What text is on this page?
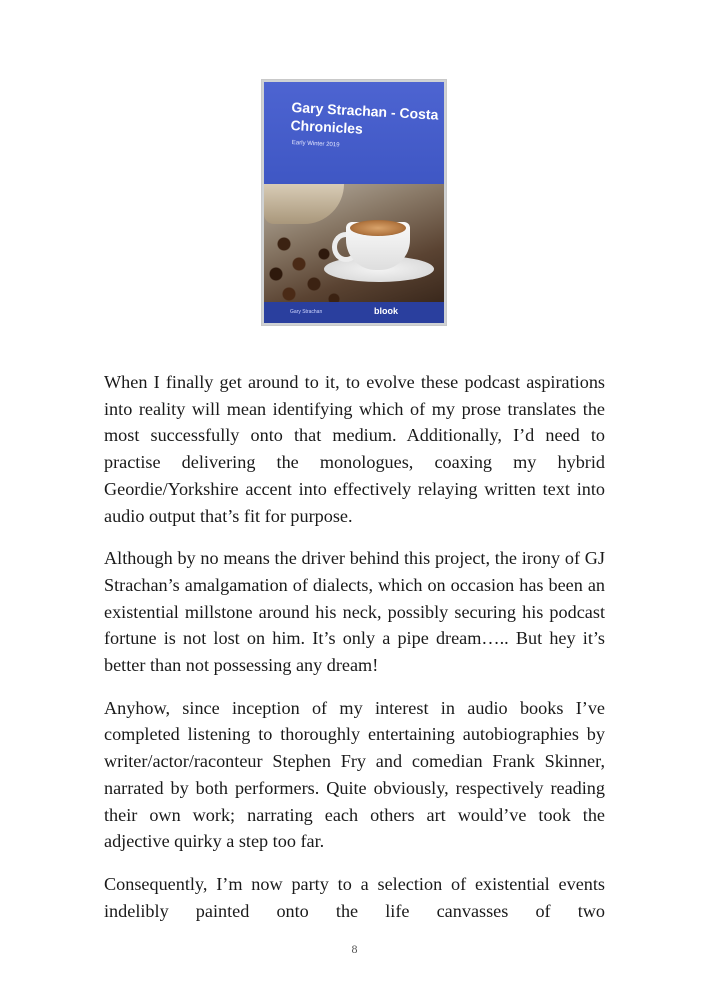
Gary Strachan - Costa Chronicles
Early Winter 2019
Gary Strachan	blook

When I finally get around to it, to evolve these podcast aspirations into reality will mean identifying which of my prose translates the most successfully onto that medium. Additionally, I’d need to practise delivering the monologues, coaxing my hybrid Geordie/Yorkshire accent into effectively relaying written text into audio output that’s fit for purpose.

Although by no means the driver behind this project, the irony of GJ Strachan’s amalgamation of dialects, which on occasion has been an existential millstone around his neck, possibly securing his podcast fortune is not lost on him. It’s only a pipe dream….. But hey it’s better than not possessing any dream!

Anyhow, since inception of my interest in audio books I’ve completed listening to thoroughly entertaining autobiographies by writer/actor/raconteur Stephen Fry and comedian Frank Skinner, narrated by both performers. Quite obviously, respectively reading their own work; narrating each others art would’ve took the adjective quirky a step too far.

Consequently, I’m now party to a selection of existential events indelibly painted onto the life canvasses of two

8
